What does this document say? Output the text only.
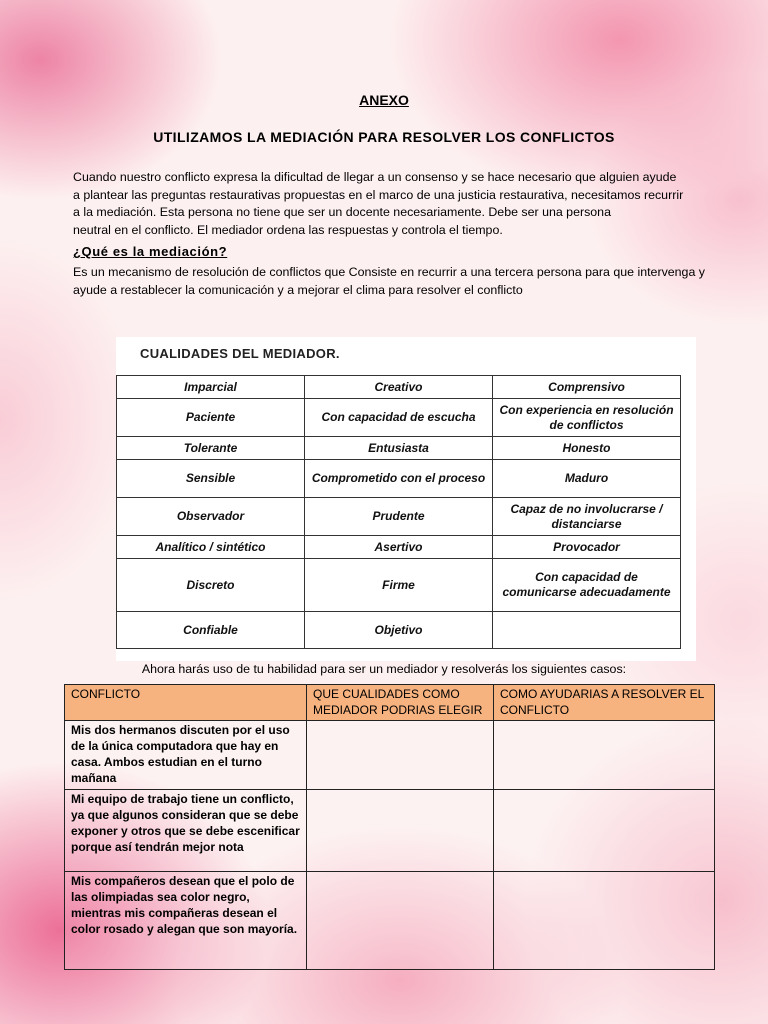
ANEXO
UTILIZAMOS LA MEDIACIÓN PARA RESOLVER LOS CONFLICTOS
Cuando nuestro conflicto expresa la dificultad de llegar a un consenso y se hace necesario que alguien ayude
a plantear las preguntas restaurativas propuestas en el marco de una justicia restaurativa, necesitamos recurrir
a la mediación. Esta persona no tiene que ser un docente necesariamente. Debe ser una persona
neutral en el conflicto. El mediador ordena las respuestas y controla el tiempo.
¿Qué es la mediación?
Es un mecanismo de resolución de conflictos que Consiste en recurrir a una tercera persona para que intervenga y ayude a restablecer la comunicación y a mejorar el clima para resolver el conflicto
CUALIDADES DEL MEDIADOR.
Imparcial	Creativo	Comprensivo
Paciente	Con capacidad de escucha	Con experiencia en resolución de conflictos
Tolerante	Entusiasta	Honesto
Sensible	Comprometido con el proceso	Maduro
Observador	Prudente	Capaz de no involucrarse / distanciarse
Analítico / sintético	Asertivo	Provocador
Discreto	Firme	Con capacidad de comunicarse adecuadamente
Confiable	Objetivo	
Ahora harás uso de tu habilidad para ser un mediador y resolverás los siguientes casos:
CONFLICTO	QUE CUALIDADES COMO MEDIADOR PODRIAS ELEGIR	COMO AYUDARIAS A RESOLVER EL CONFLICTO
Mis dos hermanos discuten por el uso de la única computadora que hay en casa. Ambos estudian en el turno mañana		
Mi equipo de trabajo tiene un conflicto, ya que algunos consideran que se debe exponer y otros que se debe escenificar porque así tendrán mejor nota		
Mis compañeros desean que el polo de las olimpiadas sea color negro, mientras mis compañeras desean el color rosado y alegan que son mayoría.		
